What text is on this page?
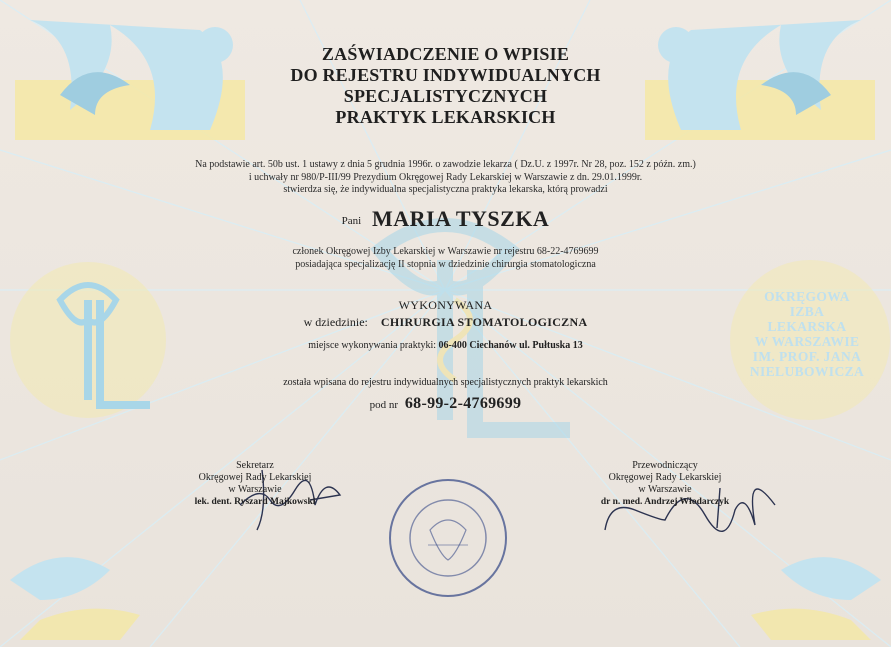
ZAŚWIADCZENIE O WPISIE
DO REJESTRU INDYWIDUALNYCH
SPECJALISTYCZNYCH
PRAKTYK LEKARSKICH
Na podstawie art. 50b ust. 1 ustawy z dnia 5 grudnia 1996r. o zawodzie lekarza ( Dz.U. z 1997r. Nr 28, poz. 152 z późn. zm.)
i uchwały nr 980/P-III/99 Prezydium Okręgowej Rady Lekarskiej w Warszawie z dn. 29.01.1999r.
stwierdza się, że indywidualna specjalistyczna praktyka lekarska, którą prowadzi
Pani MARIA TYSZKA
członek Okręgowej Izby Lekarskiej w Warszawie nr rejestru 68-22-4769699
posiadająca specjalizację II stopnia w dziedzinie chirurgia stomatologiczna
WYKONYWANA
w dziedzinie: CHIRURGIA STOMATOLOGICZNA
miejsce wykonywania praktyki: 06-400 Ciechanów ul. Pułtuska 13
została wpisana do rejestru indywidualnych specjalistycznych praktyk lekarskich
pod nr 68-99-2-4769699
OKRĘGOWA
IZBA
LEKARSKA
W WARSZAWIE
IM. PROF. JANA
NIELUBOWICZA
Sekretarz
Okręgowej Rady Lekarskiej
w Warszawie
lek. dent. Ryszard Majkowski
Przewodniczący
Okręgowej Rady Lekarskiej
w Warszawie
dr n. med. Andrzej Włodarczyk
